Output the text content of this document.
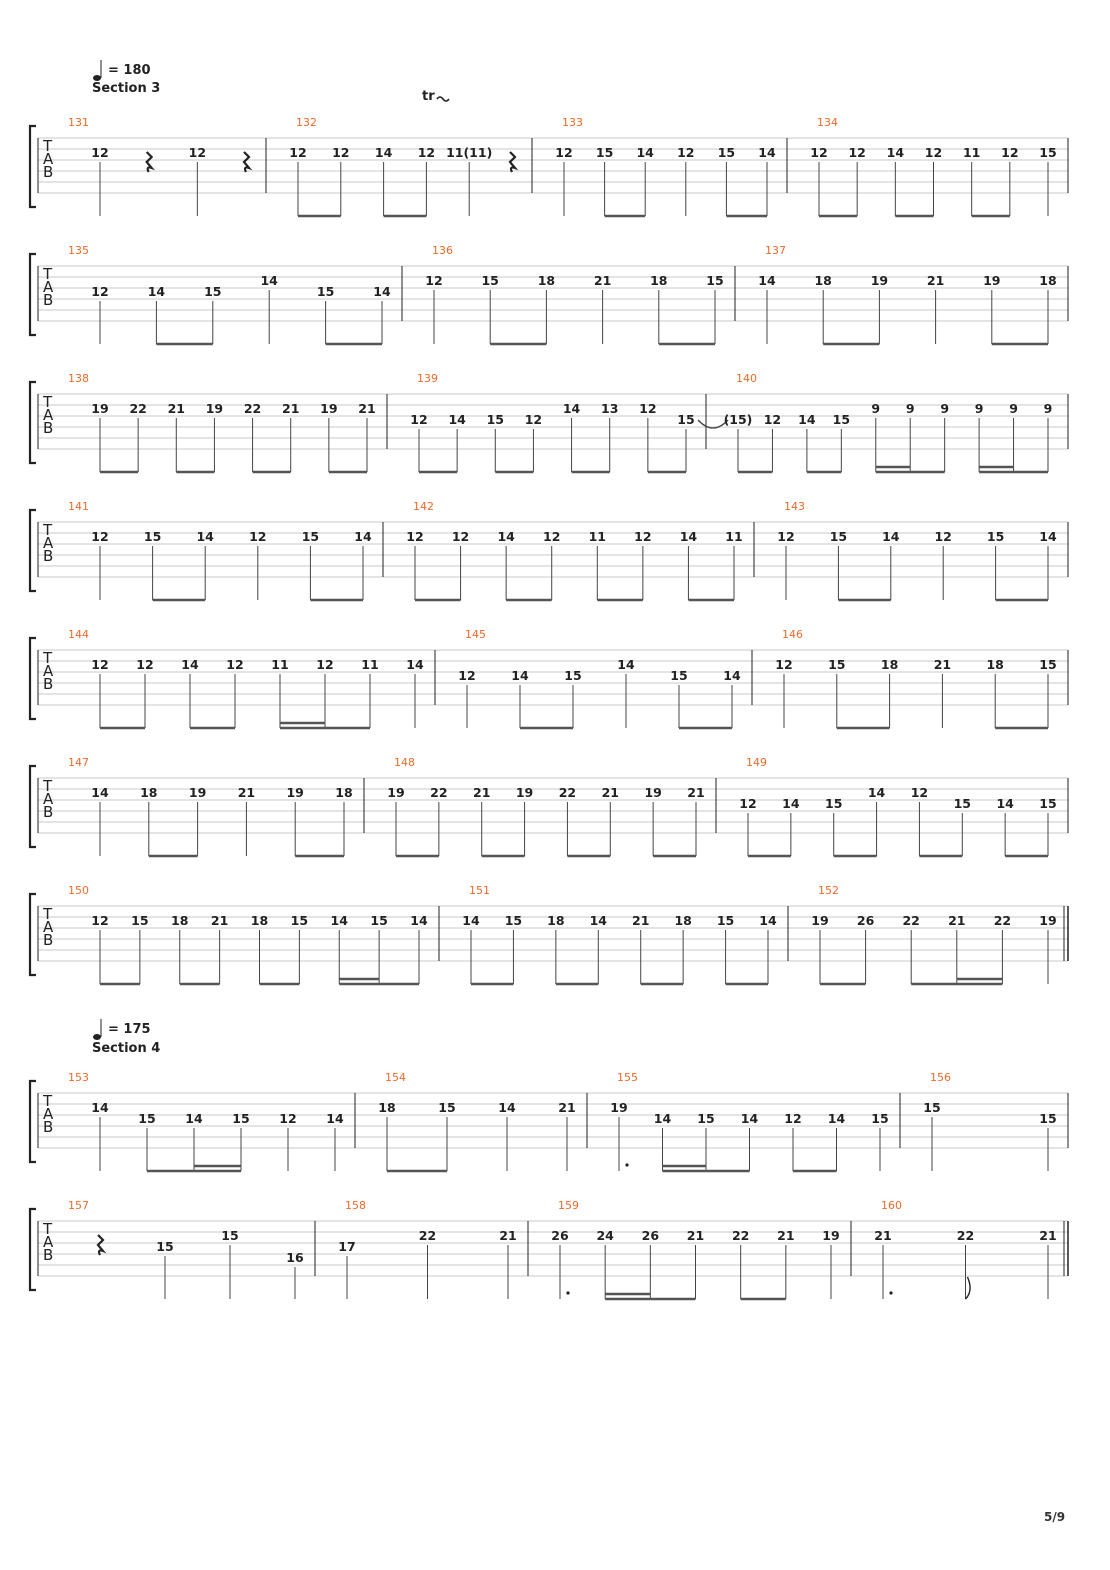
= 180
Section 3
= 175
Section 4
tr
T
A
B
131
12	12
132
12 12 14 12 11(11)
133
12 15 14 12 15 14
134
12 12 14 12 11 12 15
T
A
B
135
12	14	15
14
15	14
136
12	15	18	21	18	15
137
14	18	19	21	19	18
T
A
B
138
19 22 21 19 22 21 19 21
139
12 14 15 12
14 13 12
15
140
(15) 12 14 15
9 9 9 9 9 9
T
A
B
141
12	15	14	12	15	14
142
12 12 14 12 11 12 14 11
143
12	15	14	12	15	14
T
A
B
144
12 12 14 12 11 12 11 14
145
12	14	15
14
15	14
146
12	15	18	21	18	15
T
A
B
147
14	18	19	21	19	18
148
19 22 21 19 22 21 19 21
149
12 14 15
14 12
15 14 15
T
A
B
150
12 15 18 21 18 15 14 15 14
151
14 15 18 14 21 18 15 14
152
19 26 22 21 22 19
T
A
B
153
14
15 14 15 12 14
154
18	15	14	21
155
19
14 15 14 12 14 15
156
15
15
T
A
B
157
15
15
16
158
17
22	21
159
26 24 26 21 22 21 19
160
21	22	21
5/9
